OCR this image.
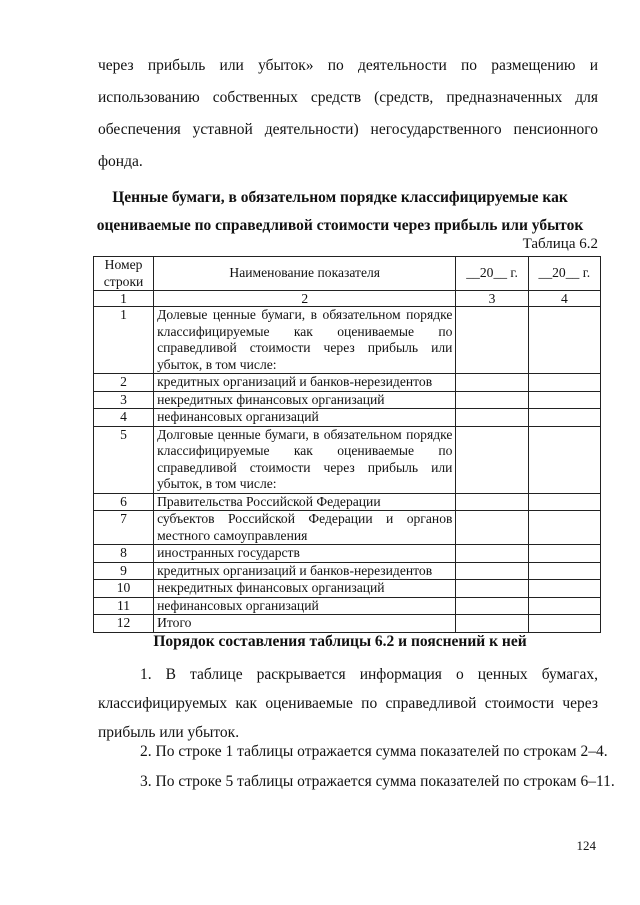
через прибыль или убыток» по деятельности по размещению и

использованию собственных средств (средств, предназначенных для

обеспечения уставной деятельности) негосударственного пенсионного

фонда.

Ценные бумаги, в обязательном порядке классифицируемые как

оцениваемые по справедливой стоимости через прибыль или убыток

Таблица 6.2

Номер строки	Наименование показателя	__20__ г.	__20__ г.
1	2	3	4
1	Долевые ценные бумаги, в обязательном порядке классифицируемые как оцениваемые по справедливой стоимости через прибыль или убыток, в том числе:		
2	кредитных организаций и банков-нерезидентов		
3	некредитных финансовых организаций		
4	нефинансовых организаций		
5	Долговые ценные бумаги, в обязательном порядке классифицируемые как оцениваемые по справедливой стоимости через прибыль или убыток, в том числе:		
6	Правительства Российской Федерации		
7	субъектов Российской Федерации и органов местного самоуправления		
8	иностранных государств		
9	кредитных организаций и банков-нерезидентов		
10	некредитных финансовых организаций		
11	нефинансовых организаций		
12	Итого		

Порядок составления таблицы 6.2 и пояснений к ней

1. В таблице раскрывается информация о ценных бумагах,

классифицируемых как оцениваемые по справедливой стоимости через

прибыль или убыток.

2. По строке 1 таблицы отражается сумма показателей по строкам 2–4.

3. По строке 5 таблицы отражается сумма показателей по строкам 6–11.

124
